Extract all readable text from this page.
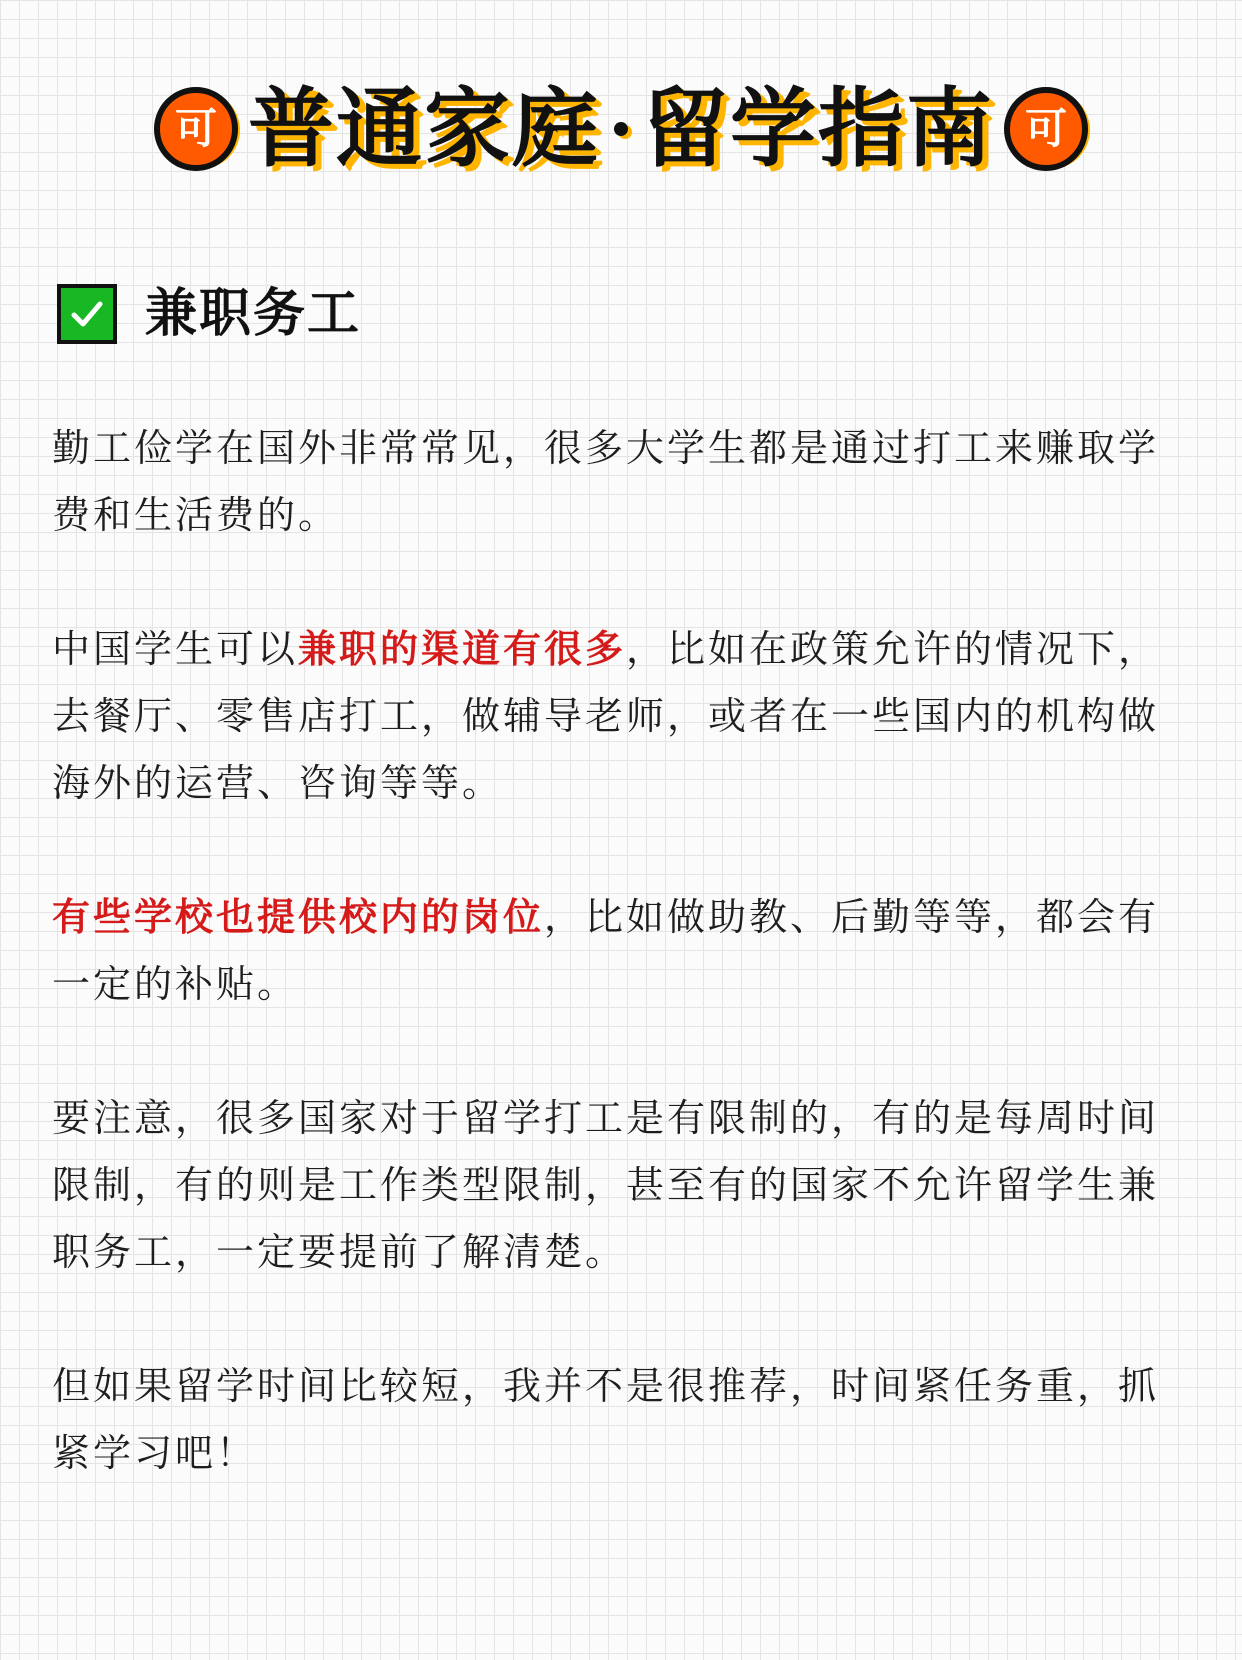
可 普通家庭 留学指南 可
兼职务工

勤工俭学在国外非常常见，很多大学生都是通过打工来赚取学费和生活费的。

中国学生可以兼职的渠道有很多，比如在政策允许的情况下，去餐厅、零售店打工，做辅导老师，或者在一些国内的机构做海外的运营、咨询等等。

有些学校也提供校内的岗位，比如做助教、后勤等等，都会有一定的补贴。

要注意，很多国家对于留学打工是有限制的，有的是每周时间限制，有的则是工作类型限制，甚至有的国家不允许留学生兼职务工，一定要提前了解清楚。

但如果留学时间比较短，我并不是很推荐，时间紧任务重，抓紧学习吧！
